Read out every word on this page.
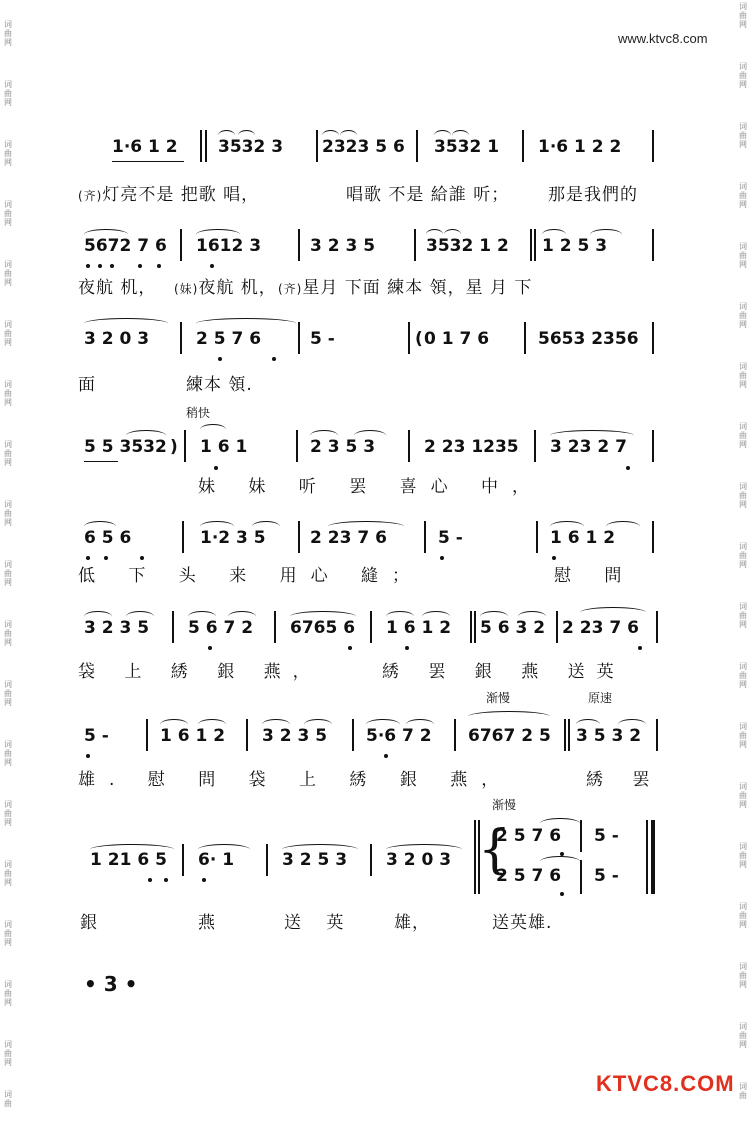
词
曲
网
词
曲
网
词
曲
网
词
曲
网
词
曲
网
词
曲
网
词
曲
网
词
曲
网
词
曲
网
词
曲
网
词
曲
网
词
曲
网
词
曲
网
词
曲
网
词
曲
网
词
曲
网
词
曲
网
词
曲
网
词
曲
词
曲
网
词
曲
网
词
曲
网
词
曲
网
词
曲
网
词
曲
网
词
曲
网
词
曲
网
词
曲
网
词
曲
网
词
曲
网
词
曲
网
词
曲
网
词
曲
网
词
曲
网
词
曲
网
词
曲
网
词
曲
网
词
曲
www.ktvc8.com
1·6 1 2 3532 3 2323 5 6 3532 1 1·6 1 2 2
(齐)灯亮不是 把歌 唱，	唱歌 不是 給誰 听； 那是我們的
5672 7 6 1612 3	3 2 3 5	3532 1 2 1 2 5 3
夜航 机， (妹)夜航 机， (齐)星月 下面 練本 領，星 月 下
3 2 0 3	2 5 7 6	5 -	( 0 1 7 6	5653 2356
面	練本 領.
稍快
5 5 3532 ) 1 6 1	2 3 5 3	2 23 1235 3 23 2 7
妹 妹 听 罢 喜心 中，
6 5 6	1·2 3 5	2 23 7 6	5 -	1 6 1 2
低 下 头 来 用心 縫；	慰 問
3 2 3 5 5 6 7 2 6765 6 1 6 1 2 5 6 3 2 2 23 7 6
袋 上 綉 銀 燕，	綉 罢 銀 燕 送英
渐慢	原速
5 -	1 6 1 2 3 2 3 5 5·6 7 2 6767 2 5 3 5 3 2
雄. 慰 問 袋 上 綉 銀 燕，	綉 罢
渐慢
1 21 6 5 6· 1	3 2 5 3 3 2 0 3 {
2 5 7 6 5 -
2 5 7 6 5 -
銀	燕	送 英 雄，	送英雄.
• 3 •
KTVC8.COM
